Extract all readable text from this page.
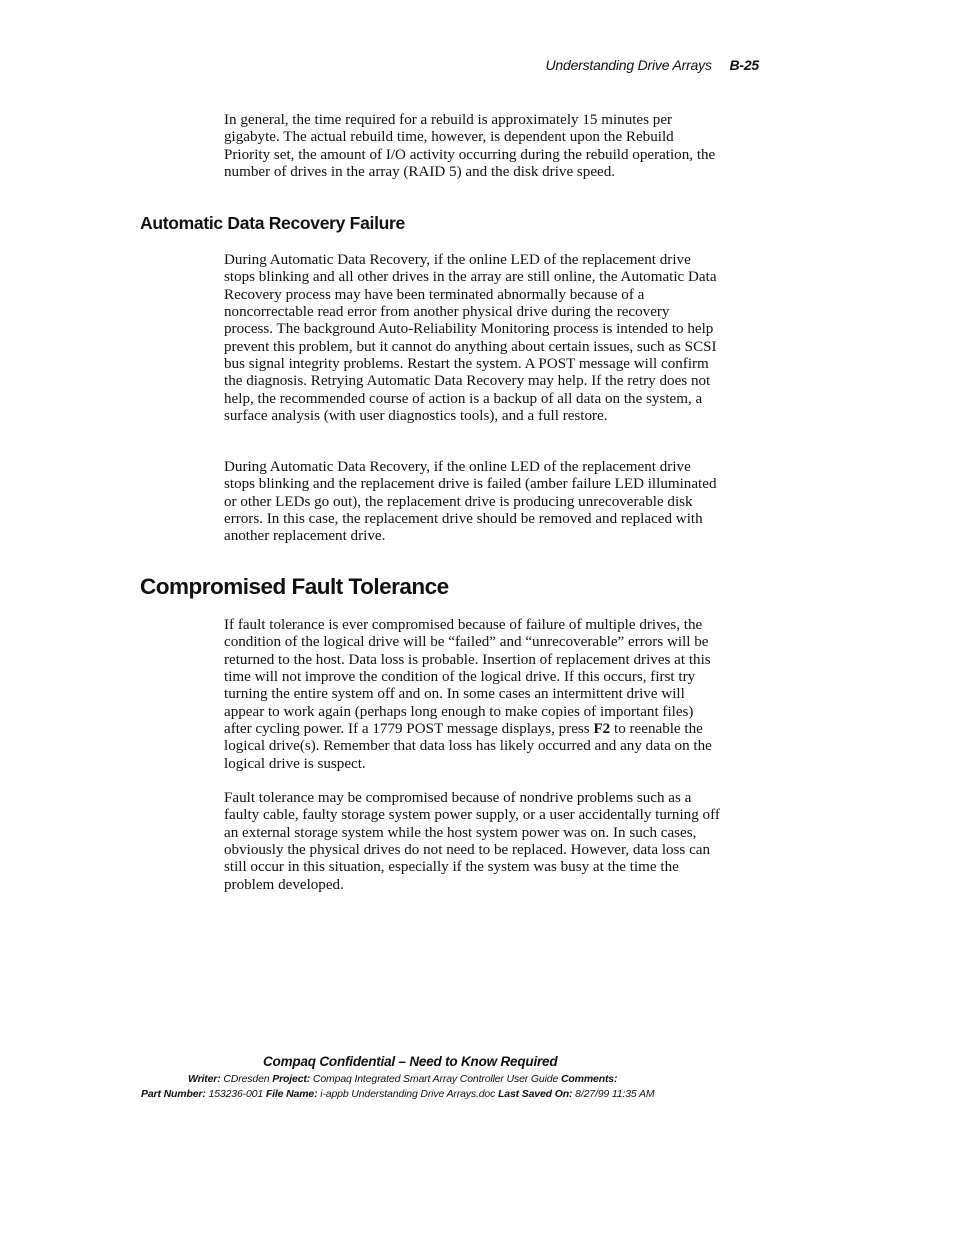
Understanding Drive Arrays B-25

In general, the time required for a rebuild is approximately 15 minutes per gigabyte. The actual rebuild time, however, is dependent upon the Rebuild Priority set, the amount of I/O activity occurring during the rebuild operation, the number of drives in the array (RAID 5) and the disk drive speed.

Automatic Data Recovery Failure

During Automatic Data Recovery, if the online LED of the replacement drive stops blinking and all other drives in the array are still online, the Automatic Data Recovery process may have been terminated abnormally because of a noncorrectable read error from another physical drive during the recovery process. The background Auto-Reliability Monitoring process is intended to help prevent this problem, but it cannot do anything about certain issues, such as SCSI bus signal integrity problems. Restart the system. A POST message will confirm the diagnosis. Retrying Automatic Data Recovery may help. If the retry does not help, the recommended course of action is a backup of all data on the system, a surface analysis (with user diagnostics tools), and a full restore.

During Automatic Data Recovery, if the online LED of the replacement drive stops blinking and the replacement drive is failed (amber failure LED illuminated or other LEDs go out), the replacement drive is producing unrecoverable disk errors. In this case, the replacement drive should be removed and replaced with another replacement drive.

Compromised Fault Tolerance

If fault tolerance is ever compromised because of failure of multiple drives, the condition of the logical drive will be “failed” and “unrecoverable” errors will be returned to the host. Data loss is probable. Insertion of replacement drives at this time will not improve the condition of the logical drive. If this occurs, first try turning the entire system off and on. In some cases an intermittent drive will appear to work again (perhaps long enough to make copies of important files) after cycling power. If a 1779 POST message displays, press F2 to reenable the logical drive(s). Remember that data loss has likely occurred and any data on the logical drive is suspect.

Fault tolerance may be compromised because of nondrive problems such as a faulty cable, faulty storage system power supply, or a user accidentally turning off an external storage system while the host system power was on. In such cases, obviously the physical drives do not need to be replaced. However, data loss can still occur in this situation, especially if the system was busy at the time the problem developed.

Compaq Confidential – Need to Know Required
Writer: CDresden Project: Compaq Integrated Smart Array Controller User Guide Comments:
Part Number: 153236-001 File Name: i-appb Understanding Drive Arrays.doc Last Saved On: 8/27/99 11:35 AM
